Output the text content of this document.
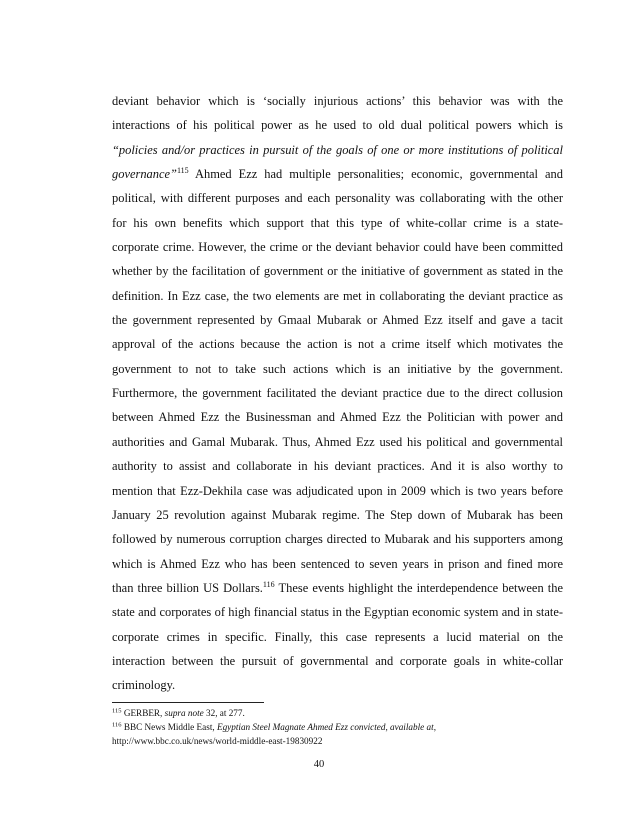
deviant behavior which is ‘socially injurious actions’ this behavior was with the
interactions of his political power as he used to old dual political powers which is
“policies and/or practices in pursuit of the goals of one or more institutions of political
governance”$^{115}$ Ahmed Ezz had multiple personalities; economic, governmental and
political, with different purposes and each personality was collaborating with the other
for his own benefits which support that this type of white-collar crime is a state-
corporate crime. However, the crime or the deviant behavior could have been committed
whether by the facilitation of government or the initiative of government as stated in the
definition. In Ezz case, the two elements are met in collaborating the deviant practice as
the government represented by Gmaal Mubarak or Ahmed Ezz itself and gave a tacit
approval of the actions because the action is not a crime itself which motivates the
government to not to take such actions which is an initiative by the government.
Furthermore, the government facilitated the deviant practice due to the direct collusion
between Ahmed Ezz the Businessman and Ahmed Ezz the Politician with power and
authorities and Gamal Mubarak. Thus, Ahmed Ezz used his political and governmental
authority to assist and collaborate in his deviant practices. And it is also worthy to
mention that Ezz-Dekhila case was adjudicated upon in 2009 which is two years before
January 25 revolution against Mubarak regime. The Step down of Mubarak has been
followed by numerous corruption charges directed to Mubarak and his supporters among
which is Ahmed Ezz who has been sentenced to seven years in prison and fined more
than three billion US Dollars.$^{116}$ These events highlight the interdependence between the
state and corporates of high financial status in the Egyptian economic system and in state-
corporate crimes in specific. Finally, this case represents a lucid material on the
interaction between the pursuit of governmental and corporate goals in white-collar
criminology.
$^{115}$ GERBER, supra note 32, at 277.
$^{116}$ BBC News Middle East, Egyptian Steel Magnate Ahmed Ezz convicted, available at,
http://www.bbc.co.uk/news/world-middle-east-19830922
40
